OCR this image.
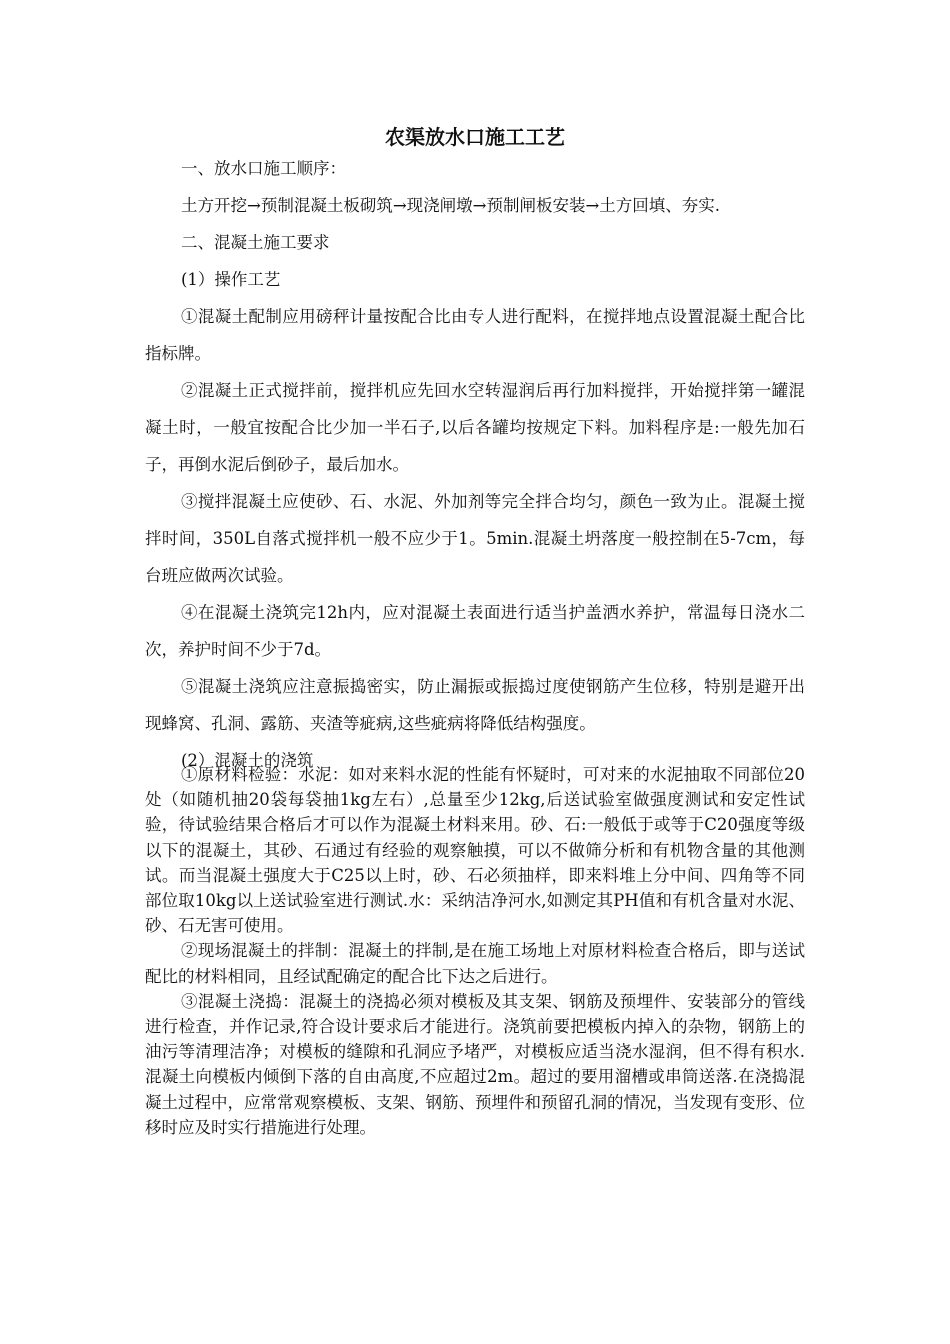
农渠放水口施工工艺

一、放水口施工顺序：

土方开挖→预制混凝土板砌筑→现浇闸墩→预制闸板安装→土方回填、夯实.

二、混凝土施工要求

(1）操作工艺

①混凝土配制应用磅秤计量按配合比由专人进行配料，在搅拌地点设置混凝土配合比指标牌。

②混凝土正式搅拌前，搅拌机应先回水空转湿润后再行加料搅拌，开始搅拌第一罐混凝土时，一般宜按配合比少加一半石子,以后各罐均按规定下料。加料程序是:一般先加石子，再倒水泥后倒砂子，最后加水。

③搅拌混凝土应使砂、石、水泥、外加剂等完全拌合均匀，颜色一致为止。混凝土搅拌时间，350L自落式搅拌机一般不应少于1。5min.混凝土坍落度一般控制在5-7cm，每台班应做两次试验。

④在混凝土浇筑完12h内，应对混凝土表面进行适当护盖洒水养护，常温每日浇水二次，养护时间不少于7d。

⑤混凝土浇筑应注意振捣密实，防止漏振或振捣过度使钢筋产生位移，特别是避开出现蜂窝、孔洞、露筋、夹渣等疵病,这些疵病将降低结构强度。

(2）混凝土的浇筑

①原材料检验：水泥：如对来料水泥的性能有怀疑时，可对来的水泥抽取不同部位20处（如随机抽20袋每袋抽1kg左右）,总量至少12kg,后送试验室做强度测试和安定性试验，待试验结果合格后才可以作为混凝土材料来用。砂、石:一般低于或等于C20强度等级以下的混凝土，其砂、石通过有经验的观察触摸，可以不做筛分析和有机物含量的其他测试。而当混凝土强度大于C25以上时，砂、石必须抽样，即来料堆上分中间、四角等不同部位取10kg以上送试验室进行测试.水：采纳洁净河水,如测定其PH值和有机含量对水泥、砂、石无害可使用。

②现场混凝土的拌制：混凝土的拌制,是在施工场地上对原材料检查合格后，即与送试配比的材料相同，且经试配确定的配合比下达之后进行。

③混凝土浇捣：混凝土的浇捣必须对模板及其支架、钢筋及预埋件、安装部分的管线进行检查，并作记录,符合设计要求后才能进行。浇筑前要把模板内掉入的杂物，钢筋上的油污等清理洁净；对模板的缝隙和孔洞应予堵严，对模板应适当浇水湿润，但不得有积水.混凝土向模板内倾倒下落的自由高度,不应超过2m。超过的要用溜槽或串筒送落.在浇捣混凝土过程中，应常常观察模板、支架、钢筋、预埋件和预留孔洞的情况，当发现有变形、位移时应及时实行措施进行处理。
